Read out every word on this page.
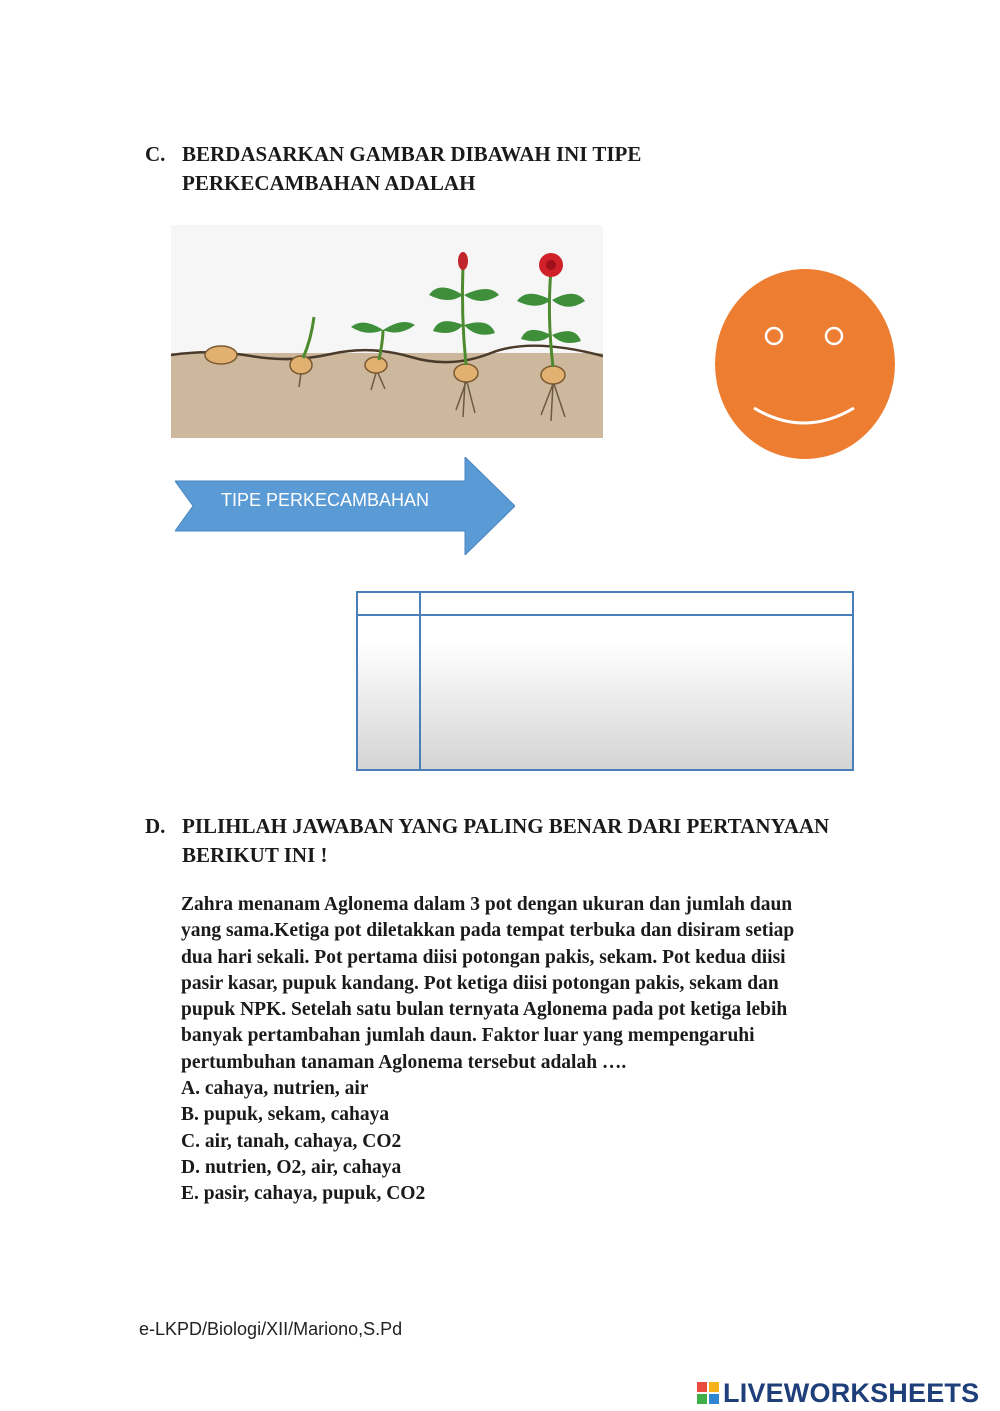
C. BERDASARKAN GAMBAR DIBAWAH INI TIPE
PERKECAMBAHAN ADALAH
TIPE PERKECAMBAHAN
D. PILIHLAH JAWABAN YANG PALING BENAR DARI PERTANYAAN
BERIKUT INI !
Zahra menanam Aglonema dalam 3 pot dengan ukuran dan jumlah daun
yang sama.Ketiga pot diletakkan pada tempat terbuka dan disiram setiap
dua hari sekali. Pot pertama diisi potongan pakis, sekam. Pot kedua diisi
pasir kasar, pupuk kandang. Pot ketiga diisi potongan pakis, sekam dan
pupuk NPK. Setelah satu bulan ternyata Aglonema pada pot ketiga lebih
banyak pertambahan jumlah daun. Faktor luar yang mempengaruhi
pertumbuhan tanaman Aglonema tersebut adalah ….
A. cahaya, nutrien, air
B. pupuk, sekam, cahaya
C. air, tanah, cahaya, CO2
D. nutrien, O2, air, cahaya
E. pasir, cahaya, pupuk, CO2
e-LKPD/Biologi/XII/Mariono,S.Pd
LIVEWORKSHEETS
